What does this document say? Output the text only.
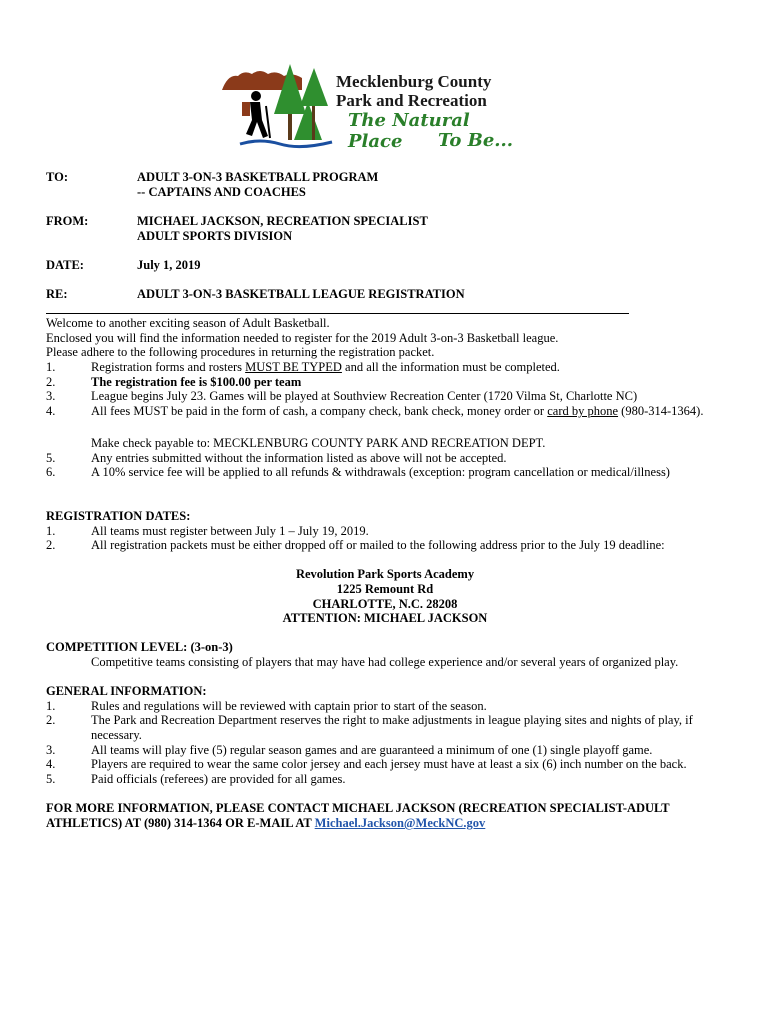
Mecklenburg County
Park and Recreation
The Natural Place	To Be...
TO:	ADULT 3-ON-3 BASKETBALL PROGRAM
-- CAPTAINS AND COACHES
FROM:	MICHAEL JACKSON, RECREATION SPECIALIST
ADULT SPORTS DIVISION
DATE:	July 1, 2019
RE:	ADULT 3-ON-3 BASKETBALL LEAGUE REGISTRATION
Welcome to another exciting season of Adult Basketball.
Enclosed you will find the information needed to register for the 2019 Adult 3-on-3 Basketball league.
Please adhere to the following procedures in returning the registration packet.
1.	Registration forms and rosters MUST BE TYPED and all the information must be completed.
2.	The registration fee is $100.00 per team
3.	League begins July 23. Games will be played at Southview Recreation Center (1720 Vilma St, Charlotte NC)
4.	All fees MUST be paid in the form of cash, a company check, bank check, money order or card by phone (980-314-1364).
Make check payable to: MECKLENBURG COUNTY PARK AND RECREATION DEPT.
5.	Any entries submitted without the information listed as above will not be accepted.
6.	A 10% service fee will be applied to all refunds & withdrawals (exception: program cancellation or medical/illness)
REGISTRATION DATES:
1.	All teams must register between July 1 – July 19, 2019.
2.	All registration packets must be either dropped off or mailed to the following address prior to the July 19 deadline:
Revolution Park Sports Academy
1225 Remount Rd
CHARLOTTE, N.C. 28208
ATTENTION: MICHAEL JACKSON
COMPETITION LEVEL: (3-on-3)
Competitive teams consisting of players that may have had college experience and/or several years of organized play.
GENERAL INFORMATION:
1.	Rules and regulations will be reviewed with captain prior to start of the season.
2.	The Park and Recreation Department reserves the right to make adjustments in league playing sites and nights of play, if
necessary.
3.	All teams will play five (5) regular season games and are guaranteed a minimum of one (1) single playoff game.
4.	Players are required to wear the same color jersey and each jersey must have at least a six (6) inch number on the back.
5.	Paid officials (referees) are provided for all games.
FOR MORE INFORMATION, PLEASE CONTACT MICHAEL JACKSON (RECREATION SPECIALIST-ADULT
ATHLETICS) AT (980) 314-1364 OR E-MAIL AT Michael.Jackson@MeckNC.gov
